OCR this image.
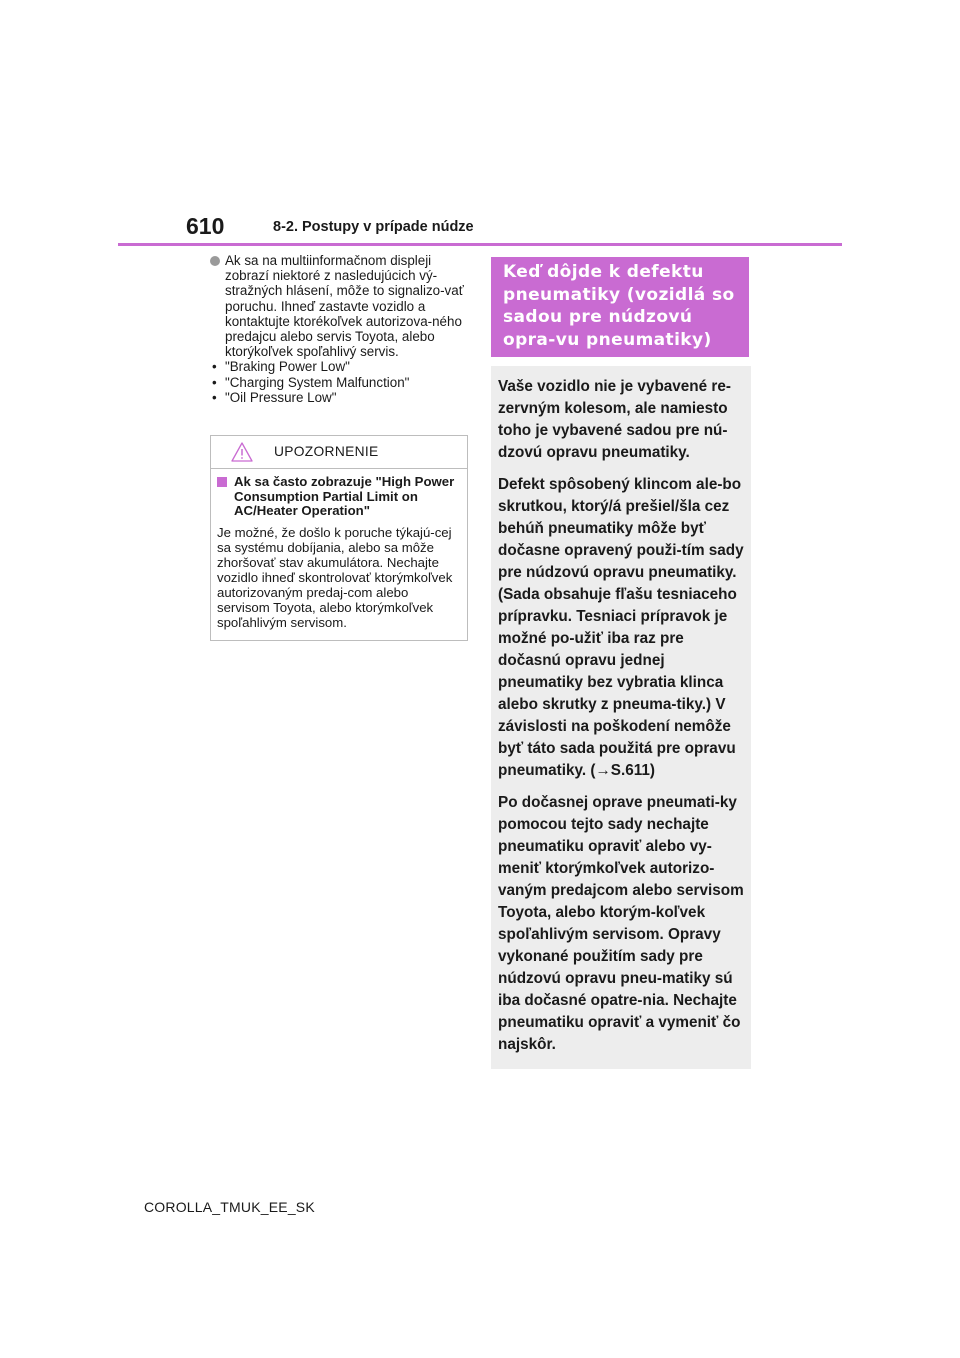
610	8-2. Postupy v prípade núdze
Ak sa na multiinformačnom displeji zobrazí niektoré z nasledujúcich vý-stražných hlásení, môže to signalizo-vať poruchu. Ihneď zastavte vozidlo a kontaktujte ktorékoľvek autorizova-ného predajcu alebo servis Toyota, alebo ktorýkoľvek spoľahlivý servis.
• "Braking Power Low"
• "Charging System Malfunction"
• "Oil Pressure Low"
UPOZORNENIE
Ak sa často zobrazuje "High Power Consumption Partial Limit on AC/Heater Operation"
Je možné, že došlo k poruche týkajú-cej sa systému dobíjania, alebo sa môže zhoršovať stav akumulátora. Nechajte vozidlo ihneď skontrolovať ktorýmkoľvek autorizovaným predaj-com alebo servisom Toyota, alebo ktorýmkoľvek spoľahlivým servisom.
Keď dôjde k defektu pneumatiky (vozidlá so sadou pre núdzovú opra-vu pneumatiky)

Vaše vozidlo nie je vybavené re-zervným kolesom, ale namiesto toho je vybavené sadou pre nú-dzovú opravu pneumatiky.

Defekt spôsobený klincom ale-bo skrutkou, ktorý/á prešiel/šla cez behúň pneumatiky môže byť dočasne opravený použi-tím sady pre núdzovú opravu pneumatiky. (Sada obsahuje fľašu tesniaceho prípravku. Tesniaci prípravok je možné po-užiť iba raz pre dočasnú opravu jednej pneumatiky bez vybratia klinca alebo skrutky z pneuma-tiky.) V závislosti na poškodení nemôže byť táto sada použitá pre opravu pneumatiky. (→S.611)

Po dočasnej oprave pneumati-ky pomocou tejto sady nechajte pneumatiku opraviť alebo vy-meniť ktorýmkoľvek autorizo-vaným predajcom alebo servisom Toyota, alebo ktorým-koľvek spoľahlivým servisom. Opravy vykonané použitím sady pre núdzovú opravu pneu-matiky sú iba dočasné opatre-nia. Nechajte pneumatiku opraviť a vymeniť čo najskôr.

COROLLA_TMUK_EE_SK
